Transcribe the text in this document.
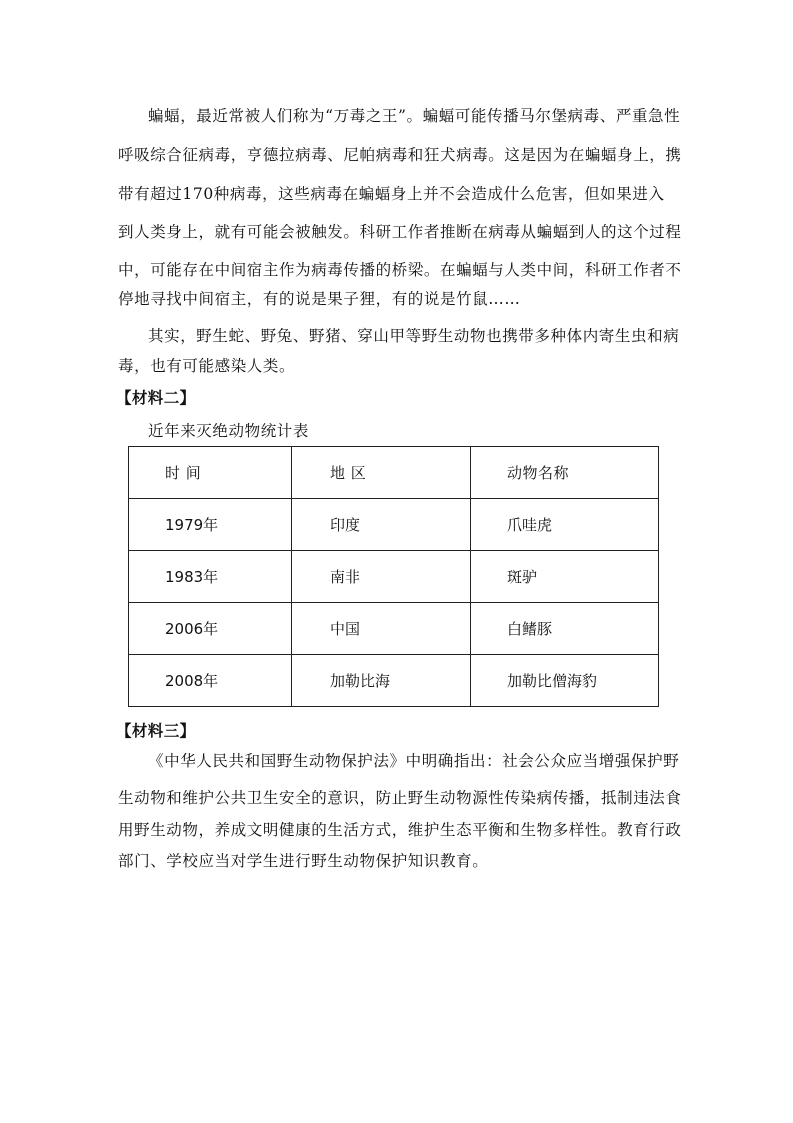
蝙蝠，最近常被人们称为“万毒之王”。蝙蝠可能传播马尔堡病毒、严重急性
呼吸综合征病毒，亨德拉病毒、尼帕病毒和狂犬病毒。这是因为在蝙蝠身上，携
带有超过170种病毒，这些病毒在蝙蝠身上并不会造成什么危害，但如果进入
到人类身上，就有可能会被触发。科研工作者推断在病毒从蝙蝠到人的这个过程
中，可能存在中间宿主作为病毒传播的桥梁。在蝙蝠与人类中间，科研工作者不
停地寻找中间宿主，有的说是果子狸，有的说是竹鼠……
其实，野生蛇、野兔、野猪、穿山甲等野生动物也携带多种体内寄生虫和病
毒，也有可能感染人类。
【材料二】
近年来灭绝动物统计表
时 间	地 区	动物名称
1979年	印度	爪哇虎
1983年	南非	斑驴
2006年	中国	白鳍豚
2008年	加勒比海	加勒比僧海豹
【材料三】
《中华人民共和国野生动物保护法》中明确指出：社会公众应当增强保护野
生动物和维护公共卫生安全的意识，防止野生动物源性传染病传播，抵制违法食
用野生动物，养成文明健康的生活方式，维护生态平衡和生物多样性。教育行政
部门、学校应当对学生进行野生动物保护知识教育。
